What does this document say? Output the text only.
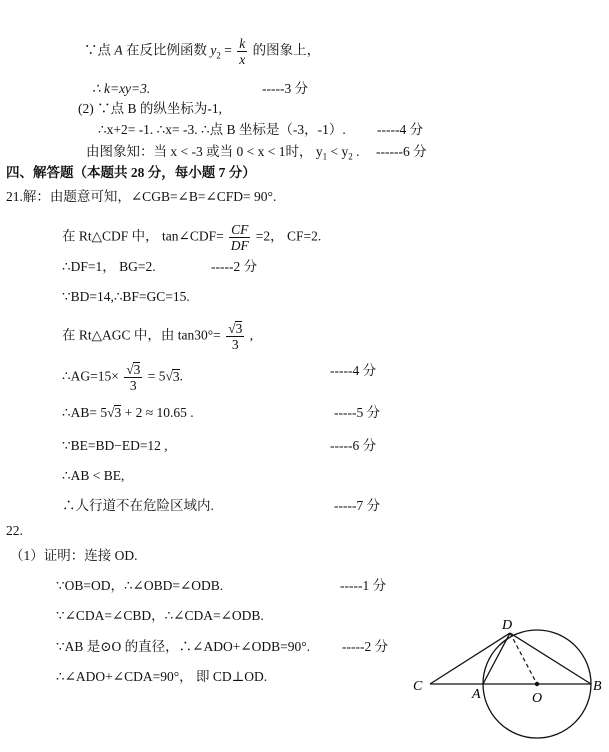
∵点 A 在反比例函数 $y_2 = \frac{k}{x}$ 的图象上，
∴ k=xy=3.	-----3 分
(2) ∵点 B 的纵坐标为-1,
∴x+2= -1. ∴x= -3. ∴点 B 坐标是（-3，-1）. -----4 分
由图象知：当 x < -3 或当 0 < x < 1时， $y_1 < y_2$ . ------6 分
四、解答题（本题共 28 分，每小题 7 分）
21.解：由题意可知，∠CGB=∠B=∠CFD= 90°.
在 Rt△CDF 中， tan∠CDF= $\frac{CF}{DF} =2$， CF=2.
∴DF=1， BG=2.	-----2 分
∵BD=14,∴BF=GC=15.
在 Rt△AGC 中，由 $\tan 30^\circ= \frac{√3}{3}$ ,
∴AG=15× $\frac{√3}{3} = 5√3$.	-----4 分
∴AB= 5√3 + 2 ≈ 10.65 .	-----5 分
∵BE=BD−ED=12 ,	-----6 分
∴AB < BE,
∴人行道不在危险区域内.	-----7 分
22.
（1）证明：连接 OD.
∵OB=OD，∴∠OBD=∠ODB.	-----1 分
∵∠CDA=∠CBD，∴∠CDA=∠ODB.
∵AB 是⊙O 的直径，∴∠ADO+∠ODB=90°. -----2 分
∴∠ADO+∠CDA=90°， 即 CD⊥OD.
D
C
A	O
B
